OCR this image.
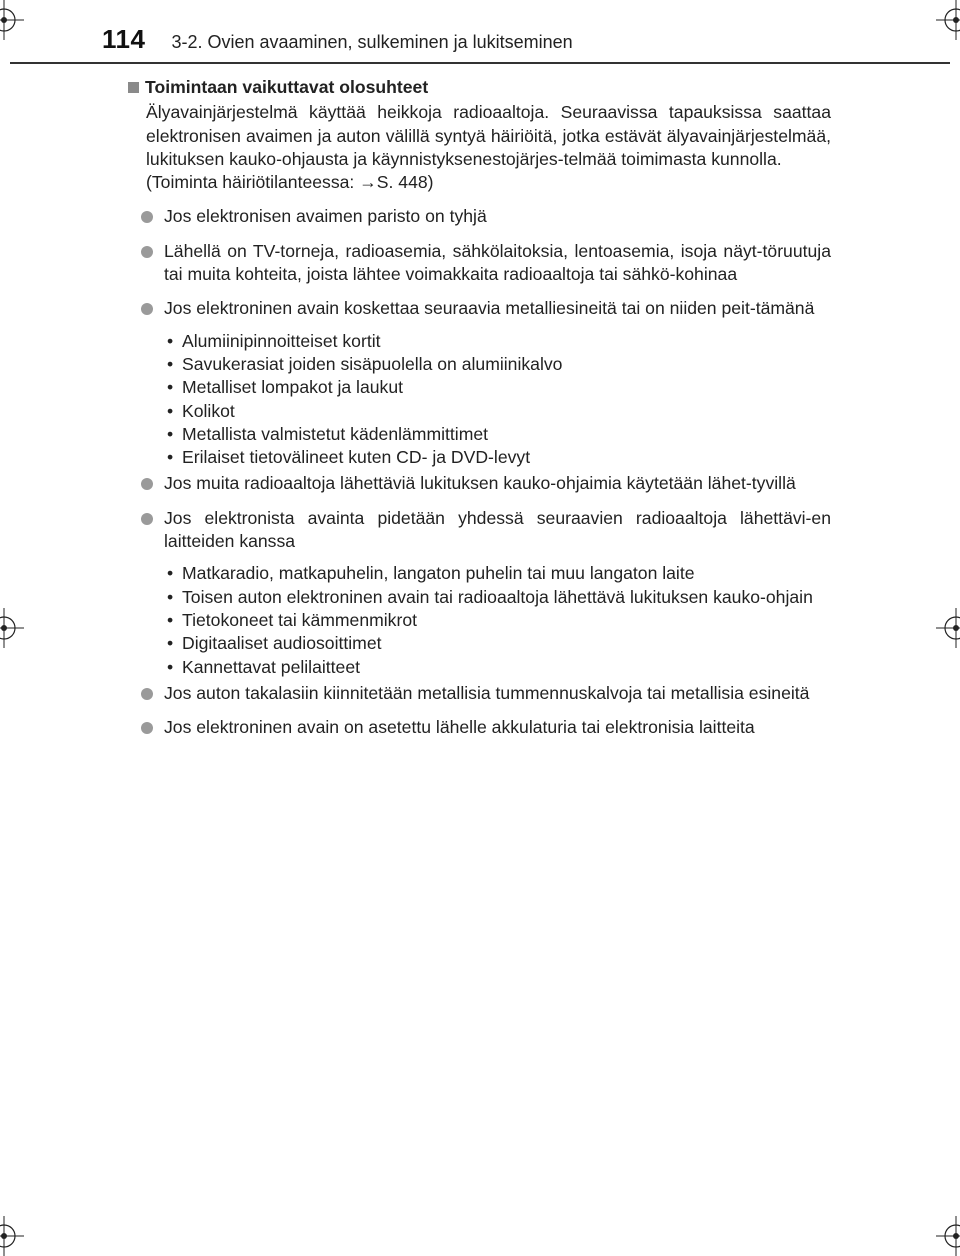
114 3-2. Ovien avaaminen, sulkeminen ja lukitseminen
Toimintaan vaikuttavat olosuhteet

Älyavainjärjestelmä käyttää heikkoja radioaaltoja. Seuraavissa tapauksissa saattaa elektronisen avaimen ja auton välillä syntyä häiriöitä, jotka estävät älyavainjärjestelmää, lukituksen kauko-ohjausta ja käynnistyksenestojärjes-telmää toimimasta kunnolla.

(Toiminta häiriötilanteessa: →S. 448)

Jos elektronisen avaimen paristo on tyhjä
Lähellä on TV-torneja, radioasemia, sähkölaitoksia, lentoasemia, isoja näyt-töruutuja tai muita kohteita, joista lähtee voimakkaita radioaaltoja tai sähkö-kohinaa
Jos elektroninen avain koskettaa seuraavia metalliesineitä tai on niiden peit-tämänä
• Alumiinipinnoitteiset kortit
• Savukerasiat joiden sisäpuolella on alumiinikalvo
• Metalliset lompakot ja laukut
• Kolikot
• Metallista valmistetut kädenlämmittimet
• Erilaiset tietovälineet kuten CD- ja DVD-levyt
Jos muita radioaaltoja lähettäviä lukituksen kauko-ohjaimia käytetään lähet-tyvillä
Jos elektronista avainta pidetään yhdessä seuraavien radioaaltoja lähettävi-en laitteiden kanssa
• Matkaradio, matkapuhelin, langaton puhelin tai muu langaton laite
• Toisen auton elektroninen avain tai radioaaltoja lähettävä lukituksen kauko-ohjain
• Tietokoneet tai kämmenmikrot
• Digitaaliset audiosoittimet
• Kannettavat pelilaitteet
Jos auton takalasiin kiinnitetään metallisia tummennuskalvoja tai metallisia esineitä
Jos elektroninen avain on asetettu lähelle akkulaturia tai elektronisia laitteita
